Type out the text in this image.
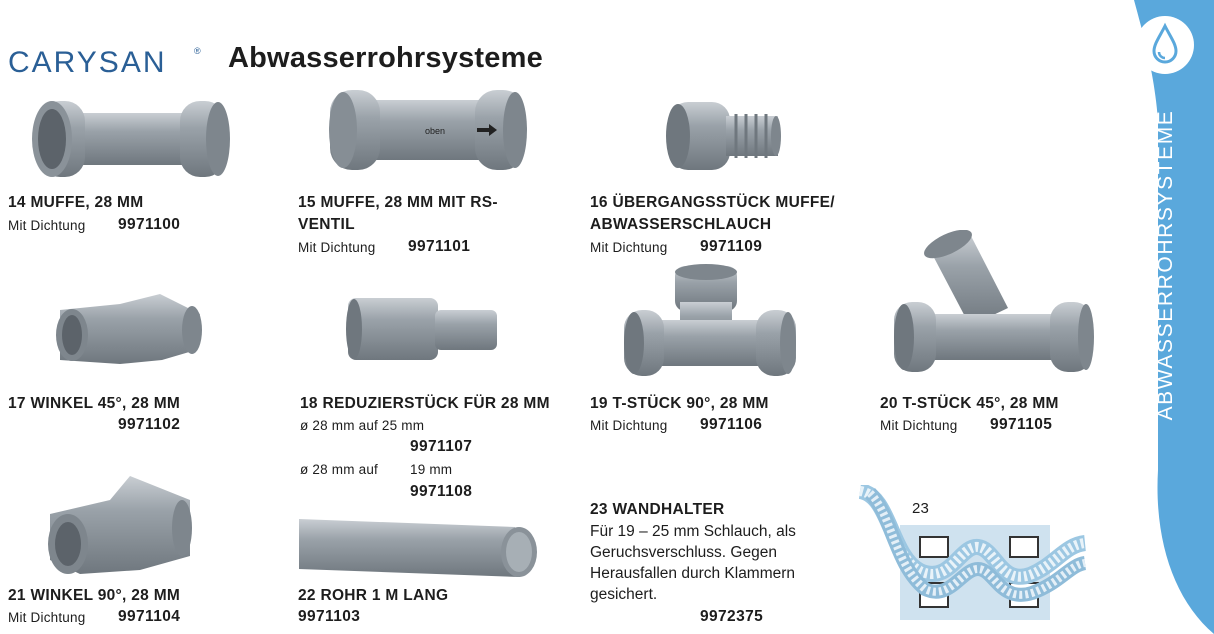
CARYSAN	® Abwasserrohrsysteme
ABWASSERROHRSYSTEME
14 MUFFE, 28 MM
Mit Dichtung 9971100
oben
15 MUFFE, 28 MM MIT RS-
VENTIL
Mit Dichtung 9971101
16 ÜBERGANGSSTÜCK MUFFE/
ABWASSERSCHLAUCH
Mit Dichtung 9971109
17 WINKEL 45°, 28 MM
9971102
18 REDUZIERSTÜCK FÜR 28 MM
ø 28 mm auf 25 mm
9971107
ø 28 mm auf 19 mm
9971108
19 T-STÜCK 90°, 28 MM
Mit Dichtung 9971106
20 T-STÜCK 45°, 28 MM
Mit Dichtung 9971105
21 WINKEL 90°, 28 MM
Mit Dichtung 9971104
22 ROHR 1 M LANG
9971103
23 WANDHALTER
Für 19 – 25 mm Schlauch, als Geruchsverschluss. Gegen Herausfallen durch Klammern gesichert.
9972375
23
